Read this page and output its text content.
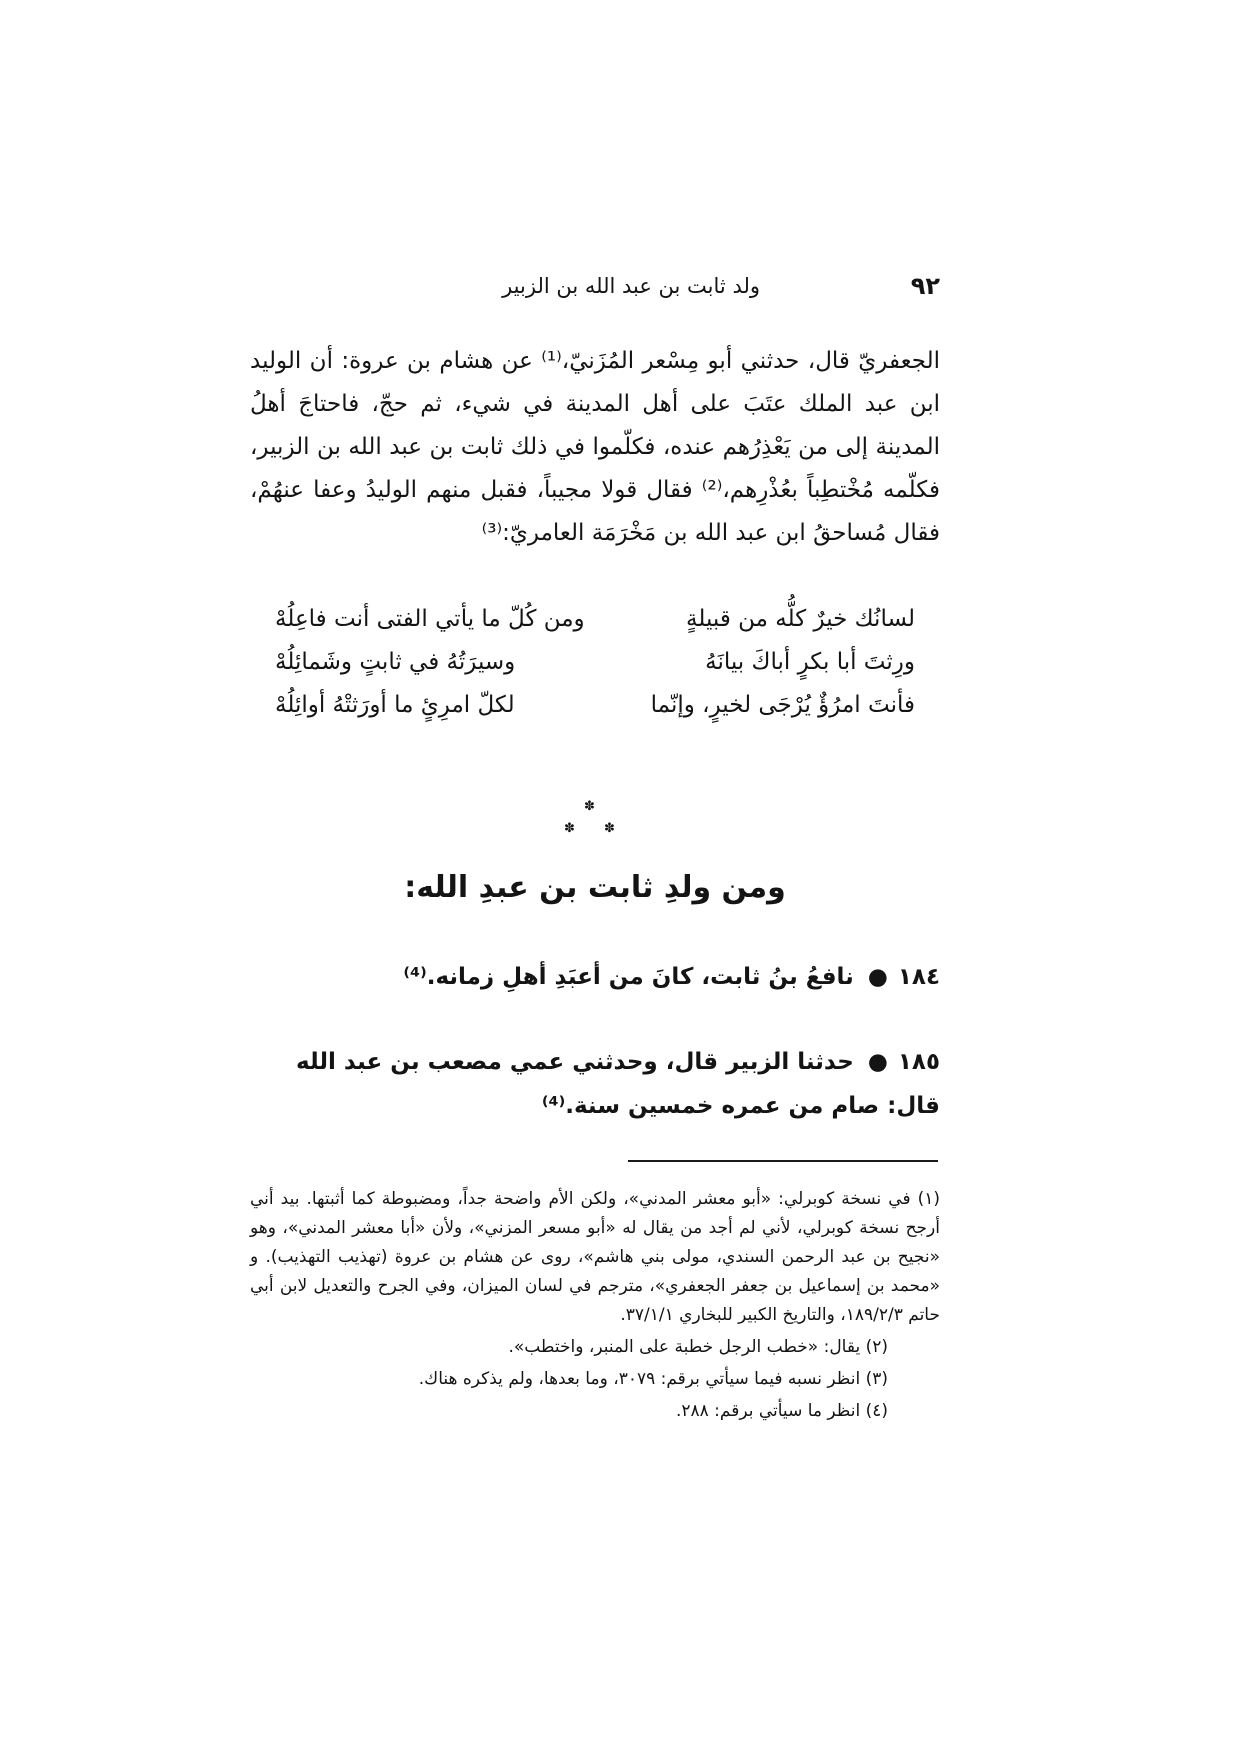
٩٢
ولد ثابت بن عبد الله بن الزبير

الجعفريّ قال، حدثني أبو مِسْعر المُزَنيّ،⁽¹⁾ عن هشام بن عروة: أن الوليد ابن عبد الملك عتَبَ على أهل المدينة في شيء، ثم حجّ، فاحتاجَ أهلُ المدينة إلى من يَعْذِرُهم عنده، فكلّموا في ذلك ثابت بن عبد الله بن الزبير، فكلّمه مُخْتطِباً بعُذْرِهم،⁽²⁾ فقال قولا مجيباً، فقبل منهم الوليدُ وعفا عنهُمْ، فقال مُساحقُ ابن عبد الله بن مَخْرَمَة العامريّ:⁽³⁾

لسانُك خيرٌ كلُّه من قبيلةٍ
ومن كُلّ ما يأتي الفتى أنت فاعِلُهْ
ورِثتَ أبا بكرٍ أباكَ بيانَهُ
وسيرَتُهُ في ثابتٍ وشَمائِلُهْ
فأنتَ امرُؤٌ يُرْجَى لخيرٍ، وإنّما
لكلّ امرِئٍ ما أورَثتْهُ أوائِلُهْ
✽
✽ ✽
ومن ولدِ ثابت بن عبدِ الله:
١٨٤●نافعُ بنُ ثابت، كانَ من أعبَدِ أهلِ زمانه.⁽⁴⁾
١٨٥●حدثنا الزبير قال، وحدثني عمي مصعب بن عبد الله قال: صام من عمره خمسين سنة.⁽⁴⁾

(١) في نسخة كوبرلي: «أبو معشر المدني»، ولكن الأم واضحة جداً، ومضبوطة كما أثبتها. بيد أني أرجح نسخة كوبرلي، لأني لم أجد من يقال له «أبو مسعر المزني»، ولأن «أبا معشر المدني»، وهو «نجيح بن عبد الرحمن السندي، مولى بني هاشم»، روى عن هشام بن عروة (تهذيب التهذيب). و «محمد بن إسماعيل بن جعفر الجعفري»، مترجم في لسان الميزان، وفي الجرح والتعديل لابن أبي حاتم ١٨٩/٢/٣، والتاريخ الكبير للبخاري ٣٧/١/١.

(٢) يقال: «خطب الرجل خطبة على المنبر، واختطب».

(٣) انظر نسبه فيما سيأتي برقم: ٣٠٧٩، وما بعدها، ولم يذكره هناك.

(٤) انظر ما سيأتي برقم: ٢٨٨.
